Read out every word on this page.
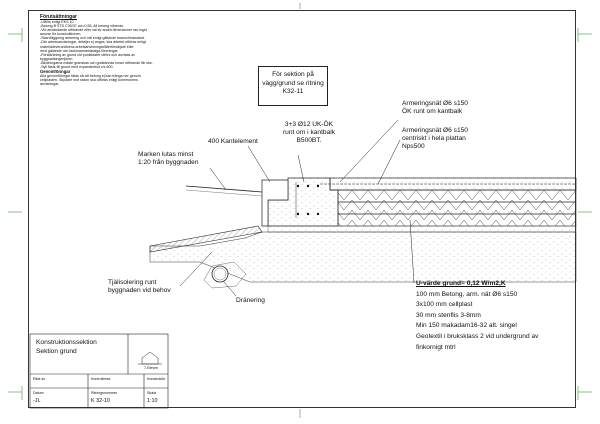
Förutsättningar
-Utförs enligt EKS 10.
-Betong B STD C30/37 vct<0,55, All betong vibreras.
-Vid användande utförande eller val av andra dimensioner tas inget
ansvar för konstruktionen.
-Skarvläggning armering och nät enligt gällande branschstandard.
-Där arbetsanvisningar, detaljer ej anges, ska arbetet utföras enligt
materialleverantörens arbetsanvisningar/återförsäljare eller
med gällande och fackmannamässiga föreningar.
-Förstärkning av grund vid punktlaster utförs och anvisas av
byggnadsingenjören.
-Bindningarna mäste granskas och godkännas innan utförande får ske.
-Syll fästs till grund med expanderbult c/c 600.
Genomföringar
Alla genomföringar tätas så att betong ej kan tränga ner genom
cellplasten. Skyddet mot radon ska utföras enligt kommunens
anvisningar.
För sektion på
vägg/grund se ritning
K32-11
400 Kantelement
3+3 Ø12 UK-ÖK
runt om i kantbalk
B500BT.
Armeringsnät Ø6 s150
ÖK runt om kantbalk
Armeringsnät Ø6 s150
centriskt i hela plattan
Nps500
Marken lutas minst
1:20 från byggnaden
Tjälisolering runt
byggnaden vid behov
Dränering
U-värde grund= 0,12 W/m2,K
100 mm Betong, arm. nät Ø6 s150
3x100 mm cellplast
30 mm stenflis 3-8mm
Min 150 makadam16-32 alt. singel
Geotextil i bruksklass 2 vid undergrund av
finkornigt mtrl
Konstruktionssektion
Sektion grund
7-Eleven
Ritat av	Kontrollerad	Konstruktör
Datum	Ritningsnummer	Skala
-JL	K 32-10	1:10
